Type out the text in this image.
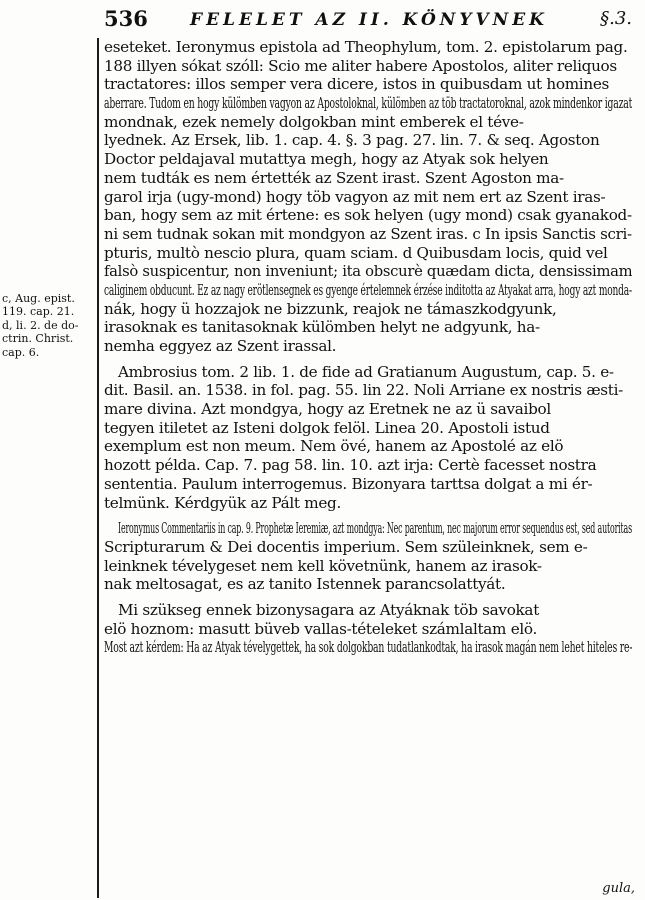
536 FELELET AZ II. KÖNYVNEK	§.3.
c, Aug. epist.
119. cap. 21.
d, li. 2. de do-
ctrin. Christ.
cap. 6.
eseteket. Ieronymus epistola ad Theophylum, tom. 2. epistolarum pag.
188 illyen sókat szóll: Scio me aliter habere Apostolos, aliter reliquos
tractatores: illos semper vera dicere, istos in quibusdam ut homines
aberrare. Tudom en hogy külömben vagyon az Apostoloknal, külömben az töb tractatoroknal, azok mindenkor igazat
mondnak, ezek nemely dolgokban mint emberek el téve-
lyednek. Az Ersek, lib. 1. cap. 4. §. 3 pag. 27. lin. 7. & seq. Agoston
Doctor peldajaval mutattya megh, hogy az Atyak sok helyen
nem tudták es nem értették az Szent irast. Szent Agoston ma-
garol irja (ugy-mond) hogy töb vagyon az mit nem ert az Szent iras-
ban, hogy sem az mit értene: es sok helyen (ugy mond) csak gyanakod-
ni sem tudnak sokan mit mondgyon az Szent iras. c In ipsis Sanctis scri-
pturis, multò nescio plura, quam sciam. d Quibusdam locis, quid vel
falsò suspicentur, non inveniunt; ita obscurè quædam dicta, densissimam
caliginem obducunt. Ez az nagy erötlensegnek es gyenge értelemnek érzése inditotta az Atyakat arra, hogy azt monda-
nák, hogy ü hozzajok ne bizzunk, reajok ne támaszkodgyunk,
irasoknak es tanitasoknak külömben helyt ne adgyunk, ha-
nemha eggyez az Szent irassal.
Ambrosius tom. 2 lib. 1. de fide ad Gratianum Augustum, cap. 5. e-
dit. Basil. an. 1538. in fol. pag. 55. lin 22. Noli Arriane ex nostris æsti-
mare divina. Azt mondgya, hogy az Eretnek ne az ü savaibol
tegyen itiletet az Isteni dolgok felöl. Linea 20. Apostoli istud
exemplum est non meum. Nem övé, hanem az Apostolé az elö
hozott példa. Cap. 7. pag 58. lin. 10. azt irja: Certè facesset nostra
sententia. Paulum interrogemus. Bizonyara tarttsa dolgat a mi ér-
telmünk. Kérdgyük az Pált meg.
Ieronymus Commentariis in cap. 9. Prophetæ Ieremiæ, azt mondgya: Nec parentum, nec majorum error sequendus est, sed autoritas
Scripturarum & Dei docentis imperium. Sem szüleinknek, sem e-
leinknek tévelygeset nem kell követnünk, hanem az irasok-
nak meltosagat, es az tanito Istennek parancsolattyát.
Mi szükseg ennek bizonysagara az Atyáknak töb savokat
elö hoznom: masutt büveb vallas-tételeket számlaltam elö.
Most azt kérdem: Ha az Atyak tévelygettek, ha sok dolgokban tudatlankodtak, ha irasok magán nem lehet hiteles re-
gula,
